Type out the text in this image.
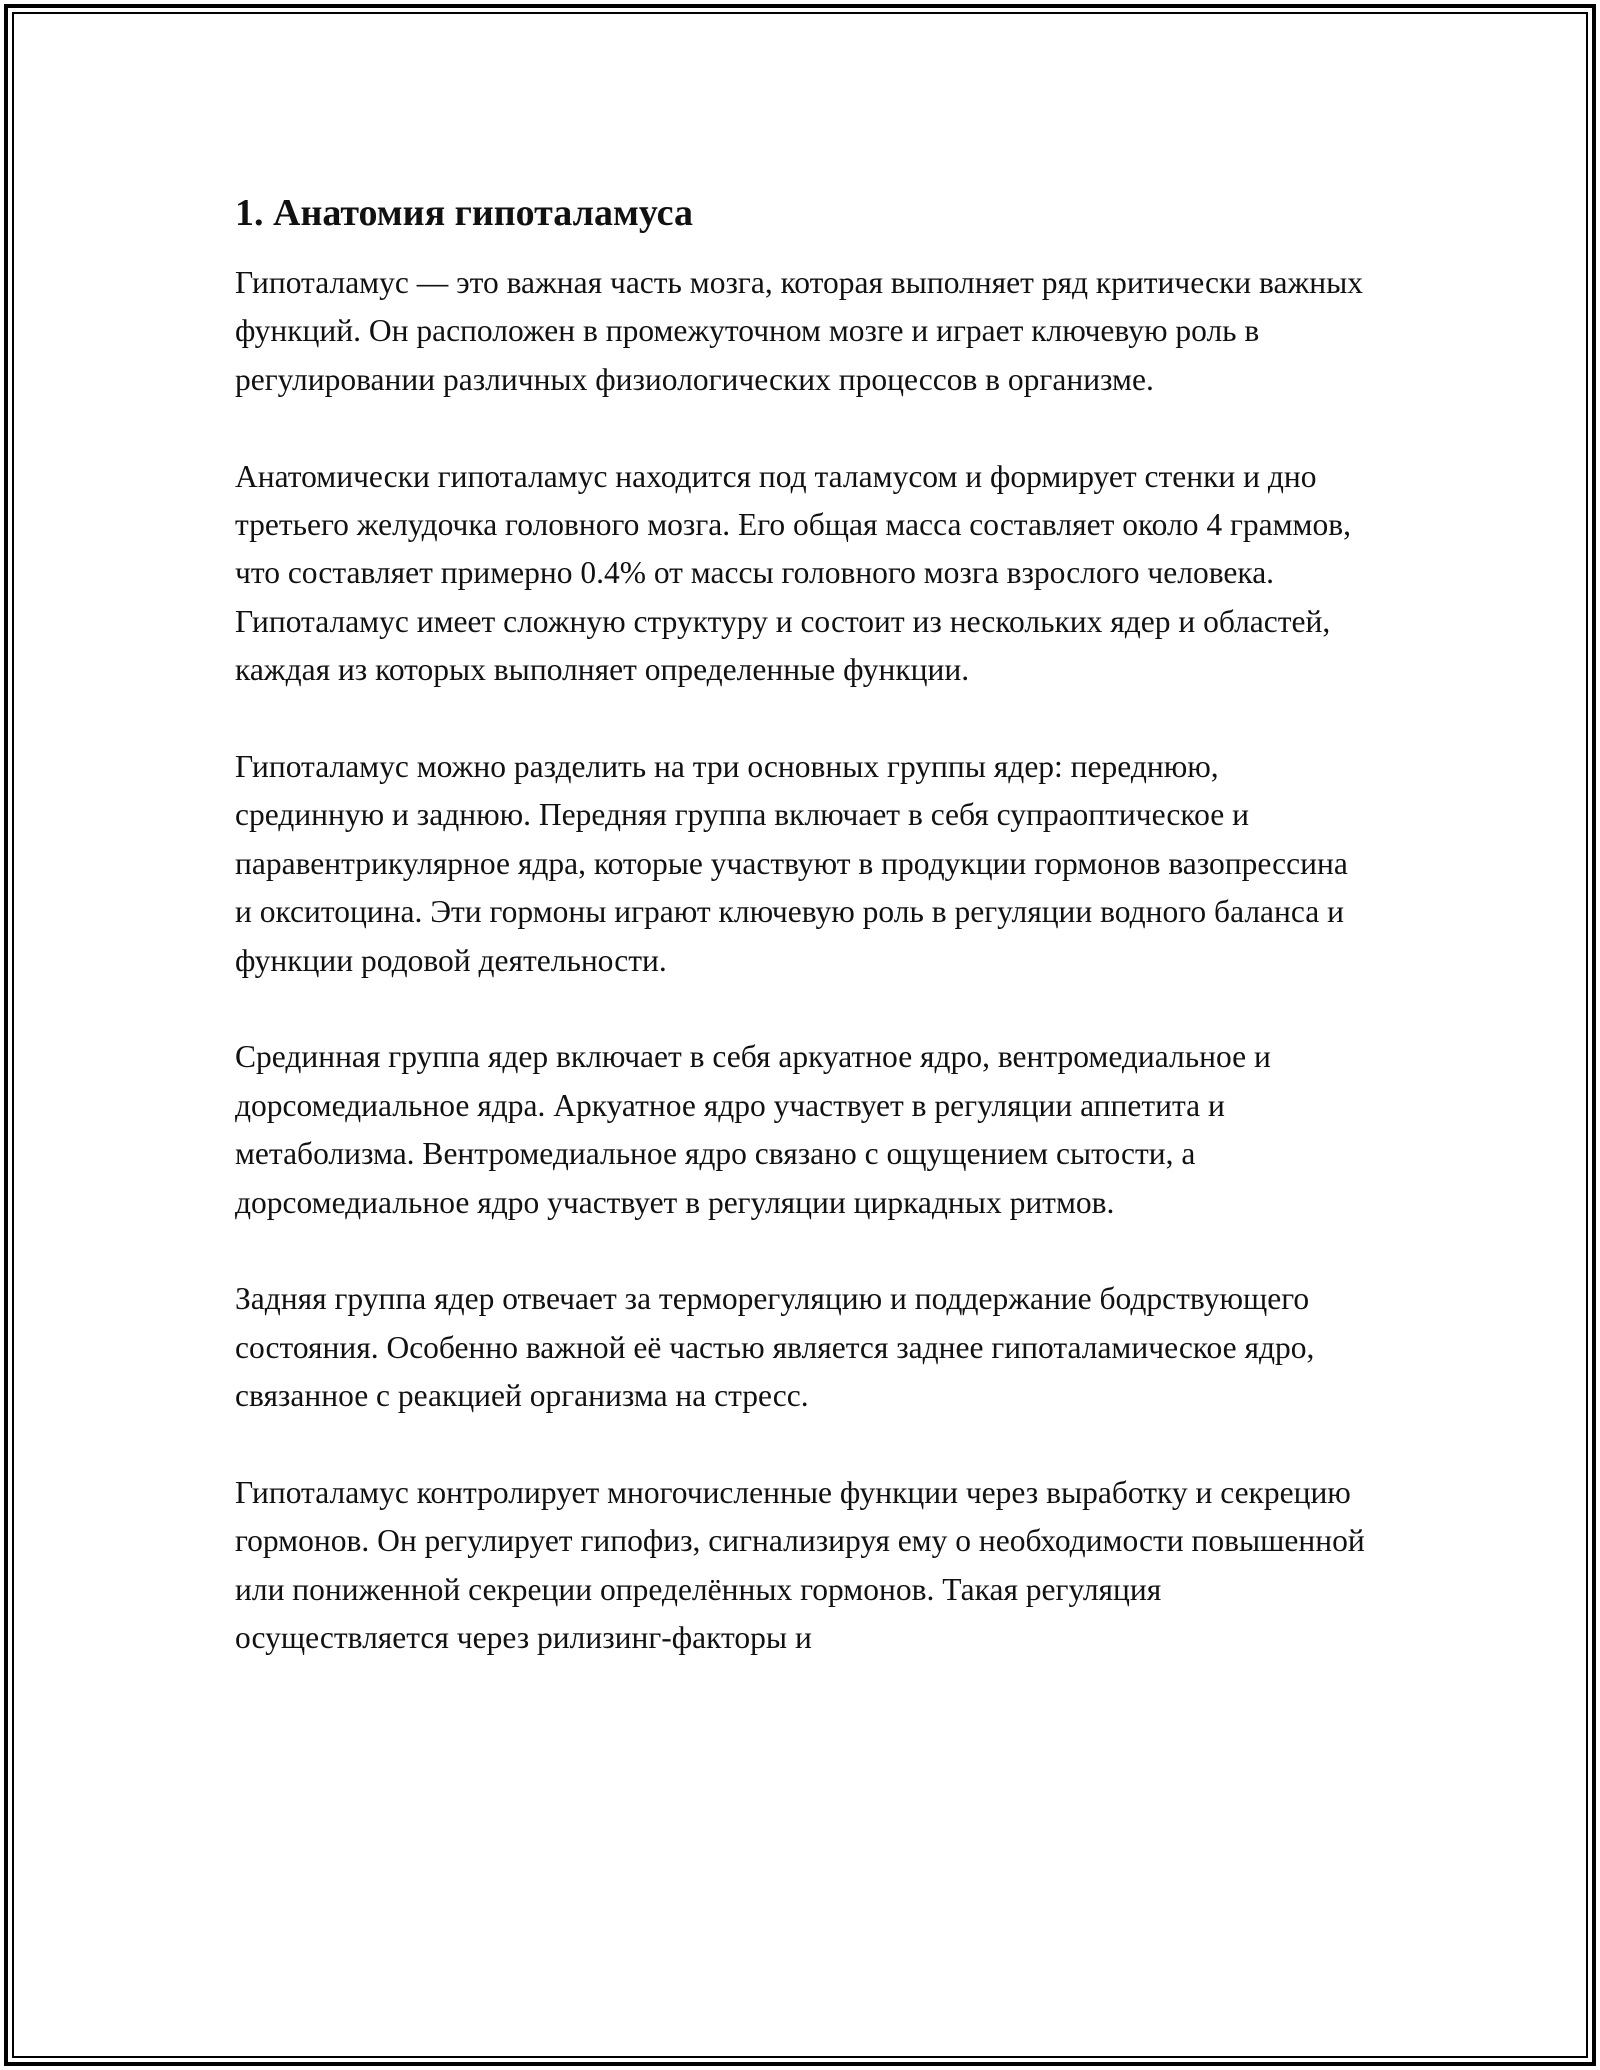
1. Анатомия гипоталамуса

Гипоталамус — это важная часть мозга, которая выполняет ряд критически важных функций. Он расположен в промежуточном мозге и играет ключевую роль в регулировании различных физиологических процессов в организме.

Анатомически гипоталамус находится под таламусом и формирует стенки и дно третьего желудочка головного мозга. Его общая масса составляет около 4 граммов, что составляет примерно 0.4% от массы головного мозга взрослого человека. Гипоталамус имеет сложную структуру и состоит из нескольких ядер и областей, каждая из которых выполняет определенные функции.

Гипоталамус можно разделить на три основных группы ядер: переднюю, срединную и заднюю. Передняя группа включает в себя супраоптическое и паравентрикулярное ядра, которые участвуют в продукции гормонов вазопрессина и окситоцина. Эти гормоны играют ключевую роль в регуляции водного баланса и функции родовой деятельности.

Срединная группа ядер включает в себя аркуатное ядро, вентромедиальное и дорсомедиальное ядра. Аркуатное ядро участвует в регуляции аппетита и метаболизма. Вентромедиальное ядро связано с ощущением сытости, а дорсомедиальное ядро участвует в регуляции циркадных ритмов.

Задняя группа ядер отвечает за терморегуляцию и поддержание бодрствующего состояния. Особенно важной её частью является заднее гипоталамическое ядро, связанное с реакцией организма на стресс.

Гипоталамус контролирует многочисленные функции через выработку и секрецию гормонов. Он регулирует гипофиз, сигнализируя ему о необходимости повышенной или пониженной секреции определённых гормонов. Такая регуляция осуществляется через рилизинг-факторы и
